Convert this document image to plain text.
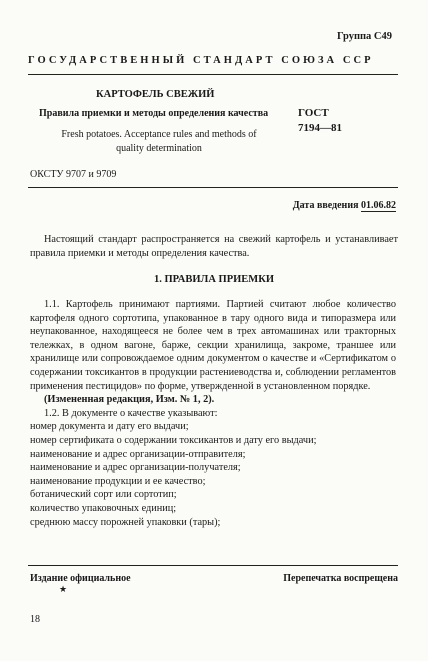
Группа С49
ГОСУДАРСТВЕННЫЙ СТАНДАРТ СОЮЗА ССР
КАРТОФЕЛЬ СВЕЖИЙ
Правила приемки и методы определения качества	ГОСТ
7194—81
Fresh potatoes. Acceptance rules and methods of
quality determination
ОКСТУ 9707 и 9709
Дата введения 01.06.82

Настоящий стандарт распространяется на свежий картофель и устанавливает правила приемки и методы определения качества.

1. ПРАВИЛА ПРИЕМКИ

1.1. Картофель принимают партиями. Партией считают любое количество картофеля одного сортотипа, упакованное в тару одного вида и типоразмера или неупакованное, находящееся не более чем в трех автомашинах или тракторных тележках, в одном вагоне, барже, секции хранилища, закроме, траншее или хранилище или сопровождаемое одним документом о качестве и «Сертификатом о содержании токсикантов в продукции растениеводства и, соблюдении регламентов применения пестицидов» по форме, утвержденной в установленном порядке.

(Измененная редакция, Изм. № 1, 2).

1.2. В документе о качестве указывают:

номер документа и дату его выдачи;

номер сертификата о содержании токсикантов и дату его выдачи;

наименование и адрес организации-отправителя;

наименование и адрес организации-получателя;

наименование продукции и ее качество;

ботанический сорт или сортотип;

количество упаковочных единиц;

среднюю массу порожней упаковки (тары);

Издание официальное
★
Перепечатка воспрещена
18
